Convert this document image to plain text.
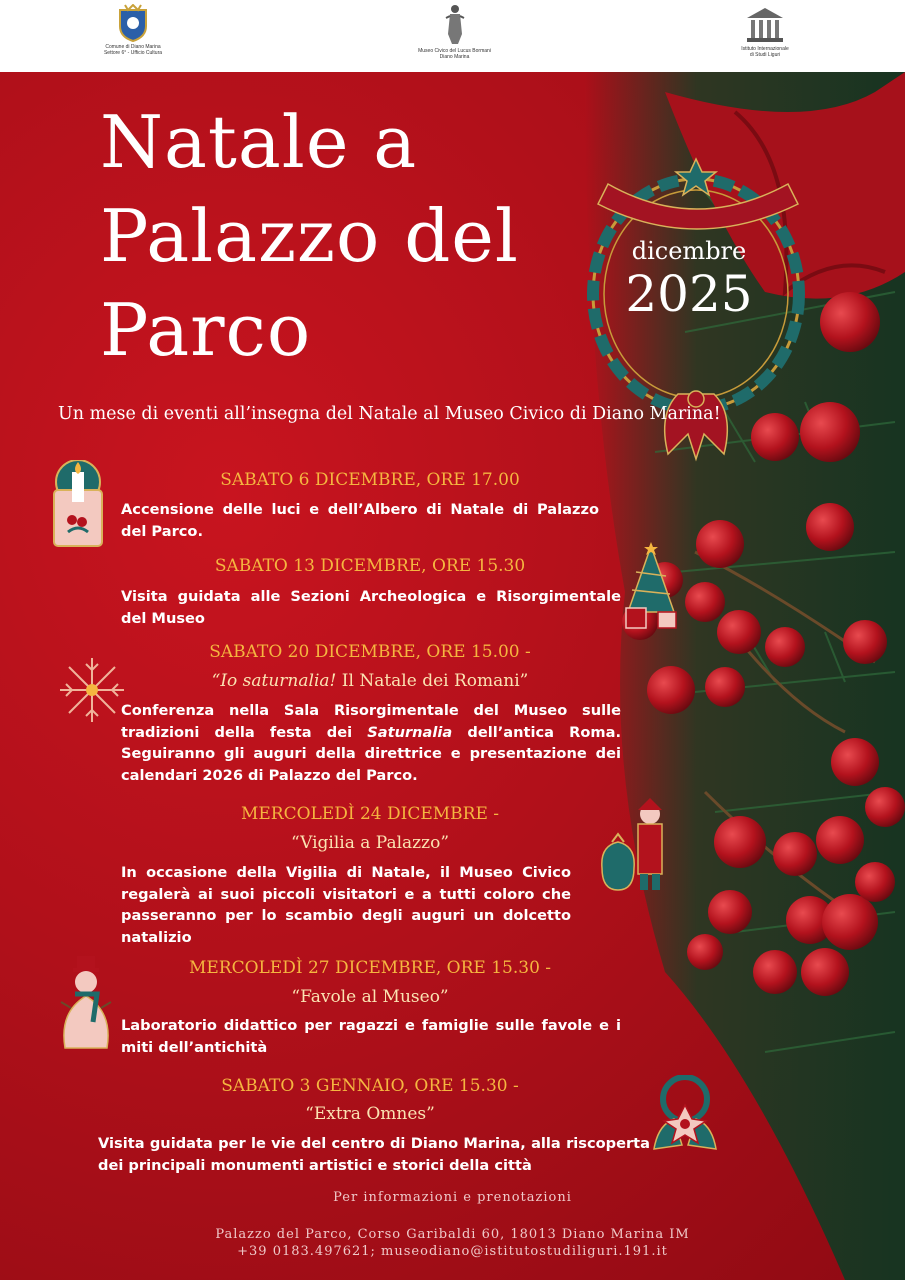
Comune di Diano Marina
Settore 6° - Ufficio Cultura	Museo Civico del Lucus Bormani
Diano Marina
Istituto Internazionale
di Studi Liguri
dicembre
2025
Natale a
Palazzo del
Parco
Un mese di eventi all’insegna del Natale al Museo Civico di Diano Marina!
SABATO 6 DICEMBRE, ORE 17.00
Accensione delle luci e dell’Albero di Natale di Palazzo del Parco.
SABATO 13 DICEMBRE, ORE 15.30
Visita guidata alle Sezioni Archeologica e Risorgimentale del Museo
SABATO 20 DICEMBRE, ORE 15.00 -
“Io saturnalia! Il Natale dei Romani”
Conferenza nella Sala Risorgimentale del Museo sulle tradizioni della festa dei Saturnalia dell’antica Roma. Seguiranno gli auguri della direttrice e presentazione dei calendari 2026 di Palazzo del Parco.
MERCOLEDÌ 24 DICEMBRE -
“Vigilia a Palazzo”
In occasione della Vigilia di Natale, il Museo Civico regalerà ai suoi piccoli visitatori e a tutti coloro che passeranno per lo scambio degli auguri un dolcetto natalizio
MERCOLEDÌ 27 DICEMBRE, ORE 15.30 -
“Favole al Museo”
Laboratorio didattico per ragazzi e famiglie sulle favole e i miti dell’antichità
SABATO 3 GENNAIO, ORE 15.30 -
“Extra Omnes”
Visita guidata per le vie del centro di Diano Marina, alla riscoperta dei principali monumenti artistici e storici della città
Per informazioni e prenotazioni
Palazzo del Parco, Corso Garibaldi 60, 18013 Diano Marina IM
+39 0183.497621; museodiano@istitutostudiliguri.191.it
